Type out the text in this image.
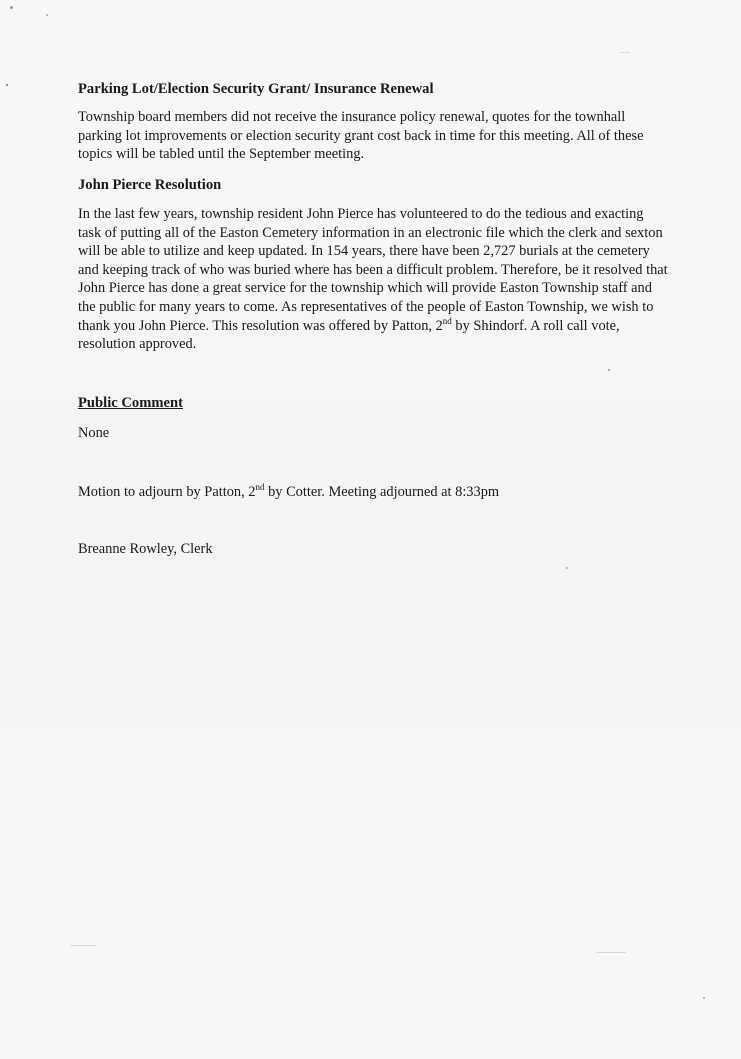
Parking Lot/Election Security Grant/ Insurance Renewal

Township board members did not receive the insurance policy renewal, quotes for the townhall parking lot improvements or election security grant cost back in time for this meeting. All of these topics will be tabled until the September meeting.

John Pierce Resolution

In the last few years, township resident John Pierce has volunteered to do the tedious and exacting task of putting all of the Easton Cemetery information in an electronic file which the clerk and sexton will be able to utilize and keep updated. In 154 years, there have been 2,727 burials at the cemetery and keeping track of who was buried where has been a difficult problem. Therefore, be it resolved that John Pierce has done a great service for the township which will provide Easton Township staff and the public for many years to come. As representatives of the people of Easton Township, we wish to thank you John Pierce. This resolution was offered by Patton, 2nd by Shindorf. A roll call vote, resolution approved.

Public Comment

None

Motion to adjourn by Patton, 2nd by Cotter. Meeting adjourned at 8:33pm

Breanne Rowley, Clerk
